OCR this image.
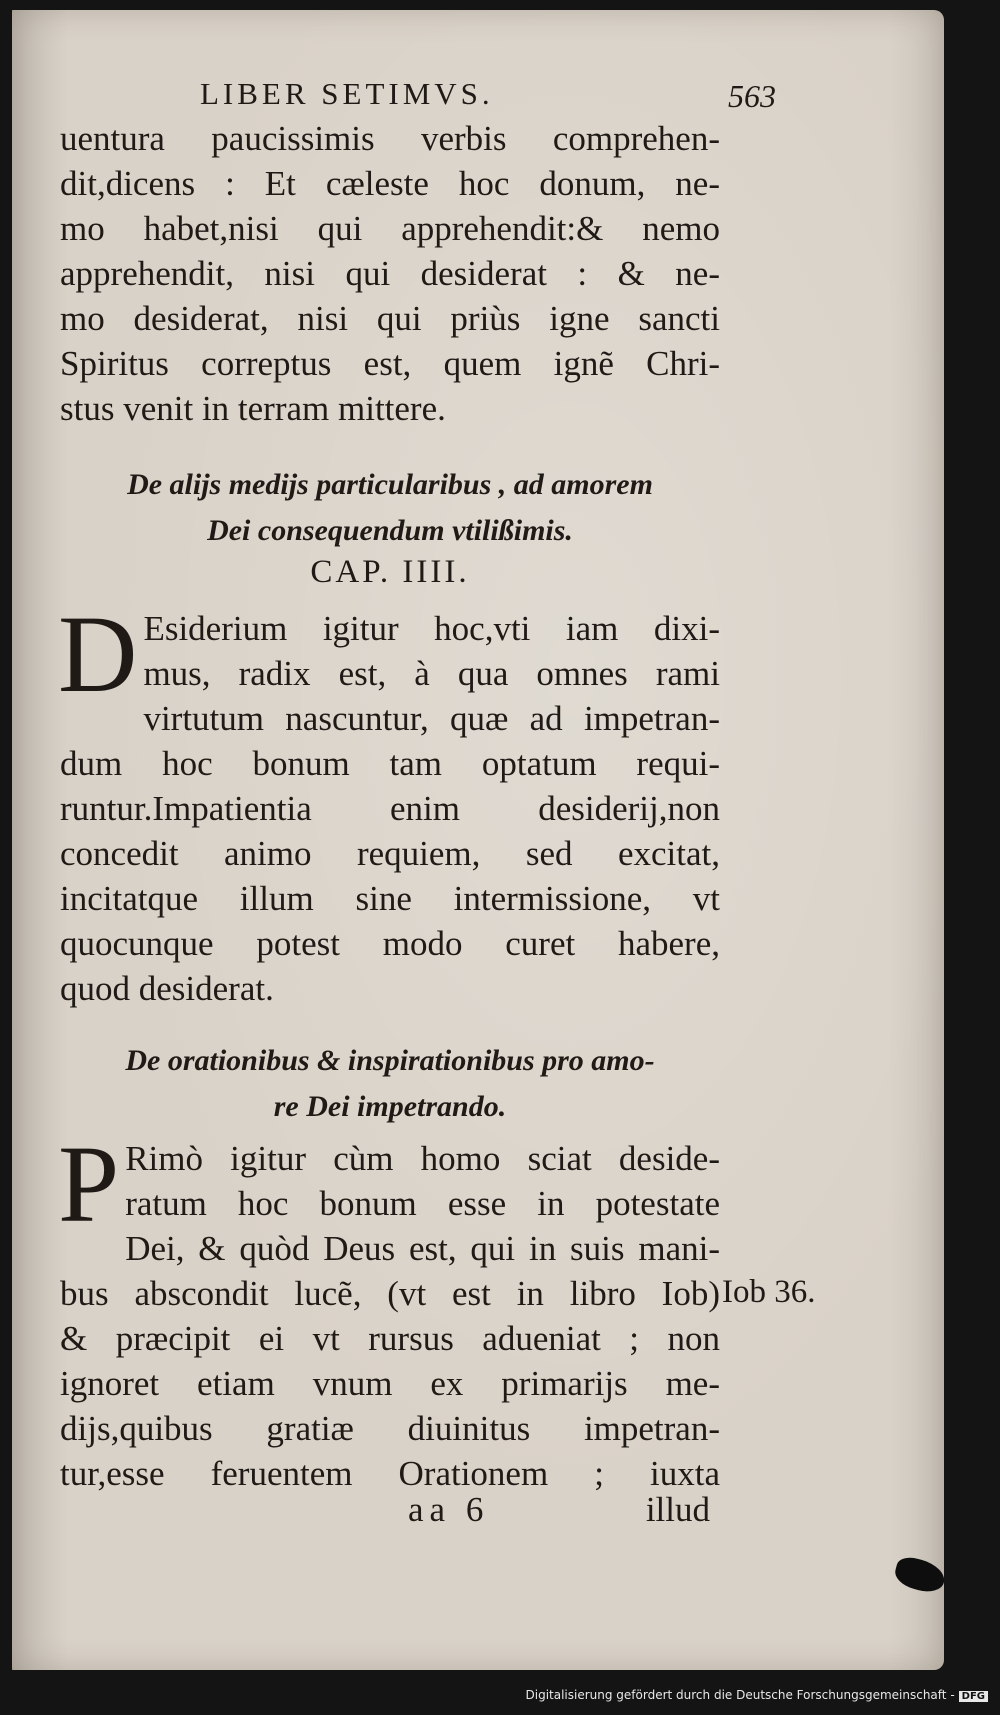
LIBER SETIMVS.	563
uentura paucissimis verbis comprehen-
dit,dicens : Et cæleste hoc donum, ne-
mo habet,nisi qui apprehendit:& nemo
apprehendit, nisi qui desiderat : & ne-
mo desiderat, nisi qui priùs igne sancti
Spiritus correptus est, quem ignẽ Chri-
stus venit in terram mittere.
De alijs medijs particularibus , ad amorem
Dei consequendum vtilißimis.
CAP. IIII.
D Esiderium igitur hoc,vti iam dixi-
mus, radix est, à qua omnes rami
virtutum nascuntur, quæ ad impetran-
dum hoc bonum tam optatum requi-
runtur.Impatientia enim desiderij,non
concedit animo requiem, sed excitat,
incitatque illum sine intermissione, vt
quocunque potest modo curet habere,
quod desiderat.
De orationibus & inspirationibus pro amo-
re Dei impetrando.
P Rimò igitur cùm homo sciat deside-
ratum hoc bonum esse in potestate
Dei, & quòd Deus est, qui in suis mani-
bus abscondit lucẽ, (vt est in libro Iob)
& præcipit ei vt rursus adueniat ; non
ignoret etiam vnum ex primarijs me-
dijs,quibus gratiæ diuinitus impetran-
tur,esse feruentem Orationem ; iuxta
Iob 36.
aa 6	illud
Digitalisierung gefördert durch die Deutsche Forschungsgemeinschaft - DFG
